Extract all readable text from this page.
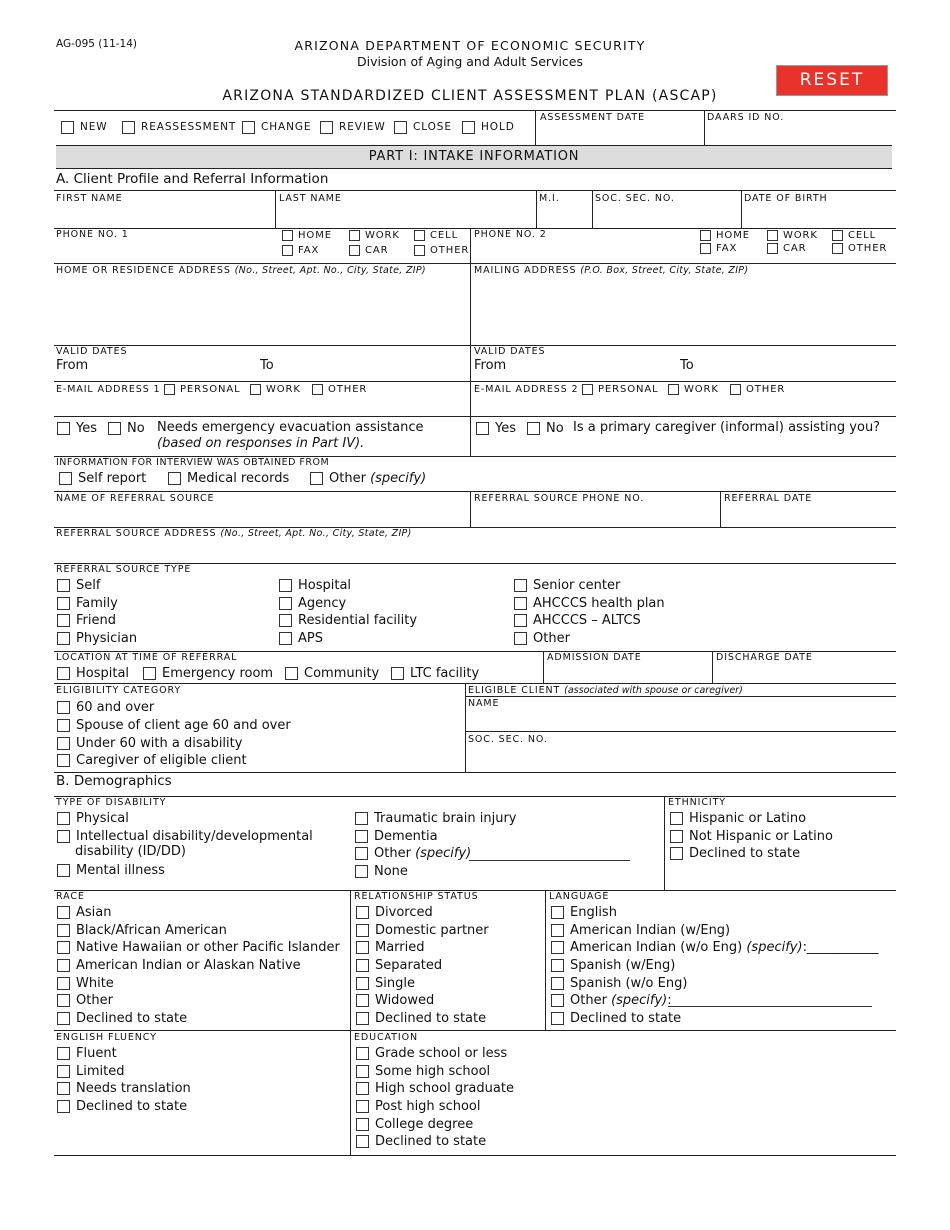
AG-095 (11-14)	ARIZONA DEPARTMENT OF ECONOMIC SECURITY
Division of Aging and Adult Services
RESET
ARIZONA STANDARDIZED CLIENT ASSESSMENT PLAN (ASCAP)
NEW	REASSESSMENT CHANGE	REVIEW	CLOSE	HOLD
ASSESSMENT DATE	DAARS ID NO.
PART I: INTAKE INFORMATION
A. Client Profile and Referral Information
FIRST NAME	LAST NAME	M.I.	SOC. SEC. NO.	DATE OF BIRTH
PHONE NO. 1	HOME	WORK	CELL
FAX	CAR	OTHER
PHONE NO. 2	HOME	WORK	CELL
FAX	CAR	OTHER
HOME OR RESIDENCE ADDRESS (No., Street, Apt. No., City, State, ZIP)	MAILING ADDRESS (P.O. Box, Street, City, State, ZIP)
VALID DATES
From	To
VALID DATES
From	To
E-MAIL ADDRESS 1 PERSONAL	WORK	OTHER	E-MAIL ADDRESS 2 PERSONAL	WORK	OTHER
Yes No Needs emergency evacuation assistance
(based on responses in Part IV).
Yes No Is a primary caregiver (informal) assisting you?
INFORMATION FOR INTERVIEW WAS OBTAINED FROM
Self report	Medical records	Other
(specify)
NAME OF REFERRAL SOURCE	REFERRAL SOURCE PHONE NO.	REFERRAL DATE
REFERRAL SOURCE ADDRESS (No., Street, Apt. No., City, State, ZIP)
REFERRAL SOURCE TYPE
Self
Family
Friend
Physician
Hospital
Agency
Residential facility
APS
Senior center
AHCCCS health plan
AHCCCS – ALTCS
Other
LOCATION AT TIME OF REFERRAL
Hospital	Emergency room Community LTC facility
ADMISSION DATE	DISCHARGE DATE
ELIGIBILITY CATEGORY
60 and over
Spouse of client age 60 and over
Under 60 with a disability
Caregiver of eligible client
ELIGIBLE CLIENT (associated with spouse or caregiver)
NAME
SOC. SEC. NO.
B. Demographics
TYPE OF DISABILITY
Physical
Intellectual disability/developmental
disability (ID/DD)
Mental illness
Traumatic brain injury
Dementia
Other
(specify)
None
ETHNICITY
Hispanic or Latino
Not Hispanic or Latino
Declined to state
RACE
Asian
Black/African American
Native Hawaiian or other Pacific Islander
American Indian or Alaskan Native
White
Other
Declined to state
RELATIONSHIP STATUS
Divorced
Domestic partner
Married
Separated
Single
Widowed
Declined to state
LANGUAGE
English
American Indian (w/Eng)
American Indian (w/o Eng)
(specify) :___________
Spanish (w/Eng)
Spanish (w/o Eng)
Other
(specify) :
Declined to state
ENGLISH FLUENCY
Fluent
Limited
Needs translation
Declined to state
EDUCATION
Grade school or less
Some high school
High school graduate
Post high school
College degree
Declined to state
